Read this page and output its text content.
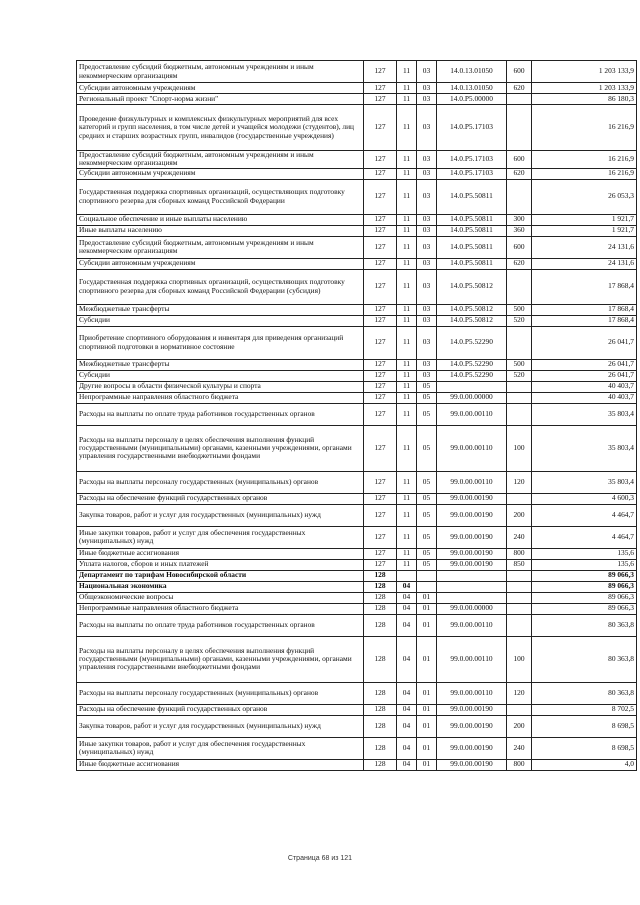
Предоставление субсидий бюджетным, автономным учреждениям и иным некоммерческим организациям	127	11	03	14.0.13.01050	600	1 203 133,9
Субсидии автономным учреждениям	127	11	03	14.0.13.01050	620	1 203 133,9
Региональный проект "Спорт-норма жизни"	127	11	03	14.0.P5.00000		86 180,3
Проведение физкультурных и комплексных физкультурных мероприятий для всех категорий и групп населения, в том числе детей и учащейся молодежи (студентов), лиц средних и старших возрастных групп, инвалидов (государственные учреждения)	127	11	03	14.0.P5.17103		16 216,9
Предоставление субсидий бюджетным, автономным учреждениям и иным некоммерческим организациям	127	11	03	14.0.P5.17103	600	16 216,9
Субсидии автономным учреждениям	127	11	03	14.0.P5.17103	620	16 216,9
Государственная поддержка спортивных организаций, осуществляющих подготовку спортивного резерва для сборных команд Российской Федерации	127	11	03	14.0.P5.50811		26 053,3
Социальное обеспечение и иные выплаты населению	127	11	03	14.0.P5.50811	300	1 921,7
Иные выплаты населению	127	11	03	14.0.P5.50811	360	1 921,7
Предоставление субсидий бюджетным, автономным учреждениям и иным некоммерческим организациям	127	11	03	14.0.P5.50811	600	24 131,6
Субсидии автономным учреждениям	127	11	03	14.0.P5.50811	620	24 131,6
Государственная поддержка спортивных организаций, осуществляющих подготовку спортивного резерва для сборных команд Российской Федерации (субсидия)	127	11	03	14.0.P5.50812		17 868,4
Межбюджетные трансферты	127	11	03	14.0.P5.50812	500	17 868,4
Субсидии	127	11	03	14.0.P5.50812	520	17 868,4
Приобретение спортивного оборудования и инвентаря для приведения организаций спортивной подготовки в нормативное состояние	127	11	03	14.0.P5.52290		26 041,7
Межбюджетные трансферты	127	11	03	14.0.P5.52290	500	26 041,7
Субсидии	127	11	03	14.0.P5.52290	520	26 041,7
Другие вопросы в области физической культуры и спорта	127	11	05			40 403,7
Непрограммные направления областного бюджета	127	11	05	99.0.00.00000		40 403,7
Расходы на выплаты по оплате труда работников государственных органов	127	11	05	99.0.00.00110		35 803,4
Расходы на выплаты персоналу в целях обеспечения выполнения функций государственными (муниципальными) органами, казенными учреждениями, органами управления государственными внебюджетными фондами	127	11	05	99.0.00.00110	100	35 803,4
Расходы на выплаты персоналу государственных (муниципальных) органов	127	11	05	99.0.00.00110	120	35 803,4
Расходы на обеспечение функций государственных органов	127	11	05	99.0.00.00190		4 600,3
Закупка товаров, работ и услуг для государственных (муниципальных) нужд	127	11	05	99.0.00.00190	200	4 464,7
Иные закупки товаров, работ и услуг для обеспечения государственных (муниципальных) нужд	127	11	05	99.0.00.00190	240	4 464,7
Иные бюджетные ассигнования	127	11	05	99.0.00.00190	800	135,6
Уплата налогов, сборов и иных платежей	127	11	05	99.0.00.00190	850	135,6
Департамент по тарифам Новосибирской области	128					89 066,3
Национальная экономика	128	04				89 066,3
Общеэкономические вопросы	128	04	01			89 066,3
Непрограммные направления областного бюджета	128	04	01	99.0.00.00000		89 066,3
Расходы на выплаты по оплате труда работников государственных органов	128	04	01	99.0.00.00110		80 363,8
Расходы на выплаты персоналу в целях обеспечения выполнения функций государственными (муниципальными) органами, казенными учреждениями, органами управления государственными внебюджетными фондами	128	04	01	99.0.00.00110	100	80 363,8
Расходы на выплаты персоналу государственных (муниципальных) органов	128	04	01	99.0.00.00110	120	80 363,8
Расходы на обеспечение функций государственных органов	128	04	01	99.0.00.00190		8 702,5
Закупка товаров, работ и услуг для государственных (муниципальных) нужд	128	04	01	99.0.00.00190	200	8 698,5
Иные закупки товаров, работ и услуг для обеспечения государственных (муниципальных) нужд	128	04	01	99.0.00.00190	240	8 698,5
Иные бюджетные ассигнования	128	04	01	99.0.00.00190	800	4,0
Страница 68 из 121
